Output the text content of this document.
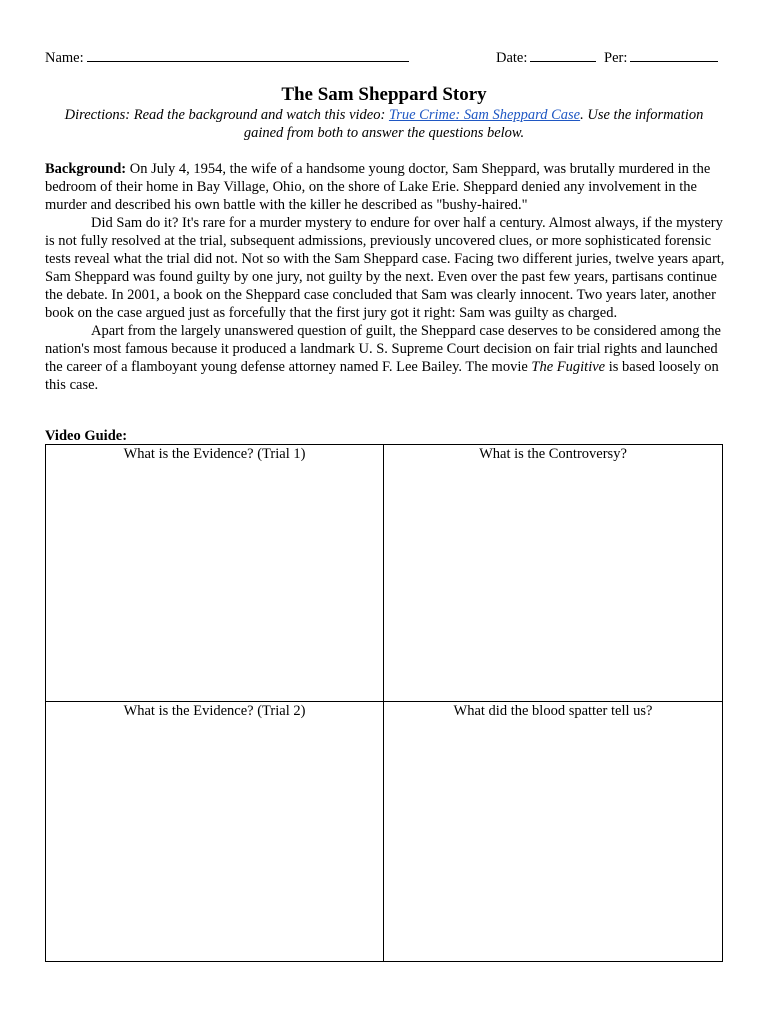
Name:	Date:	Per:
The Sam Sheppard Story
Directions: Read the background and watch this video: True Crime: Sam Sheppard Case. Use the information gained from both to answer the questions below.

Background: On July 4, 1954, the wife of a handsome young doctor, Sam Sheppard, was brutally murdered in the bedroom of their home in Bay Village, Ohio, on the shore of Lake Erie. Sheppard denied any involvement in the murder and described his own battle with the killer he described as "bushy-haired."

Did Sam do it? It's rare for a murder mystery to endure for over half a century. Almost always, if the mystery is not fully resolved at the trial, subsequent admissions, previously uncovered clues, or more sophisticated forensic tests reveal what the trial did not. Not so with the Sam Sheppard case. Facing two different juries, twelve years apart, Sam Sheppard was found guilty by one jury, not guilty by the next. Even over the past few years, partisans continue the debate. In 2001, a book on the Sheppard case concluded that Sam was clearly innocent. Two years later, another book on the case argued just as forcefully that the first jury got it right: Sam was guilty as charged.

Apart from the largely unanswered question of guilt, the Sheppard case deserves to be considered among the nation's most famous because it produced a landmark U. S. Supreme Court decision on fair trial rights and launched the career of a flamboyant young defense attorney named F. Lee Bailey. The movie The Fugitive is based loosely on this case.

Video Guide:
What is the Evidence? (Trial 1)	What is the Controversy?
What is the Evidence? (Trial 2)	What did the blood spatter tell us?
